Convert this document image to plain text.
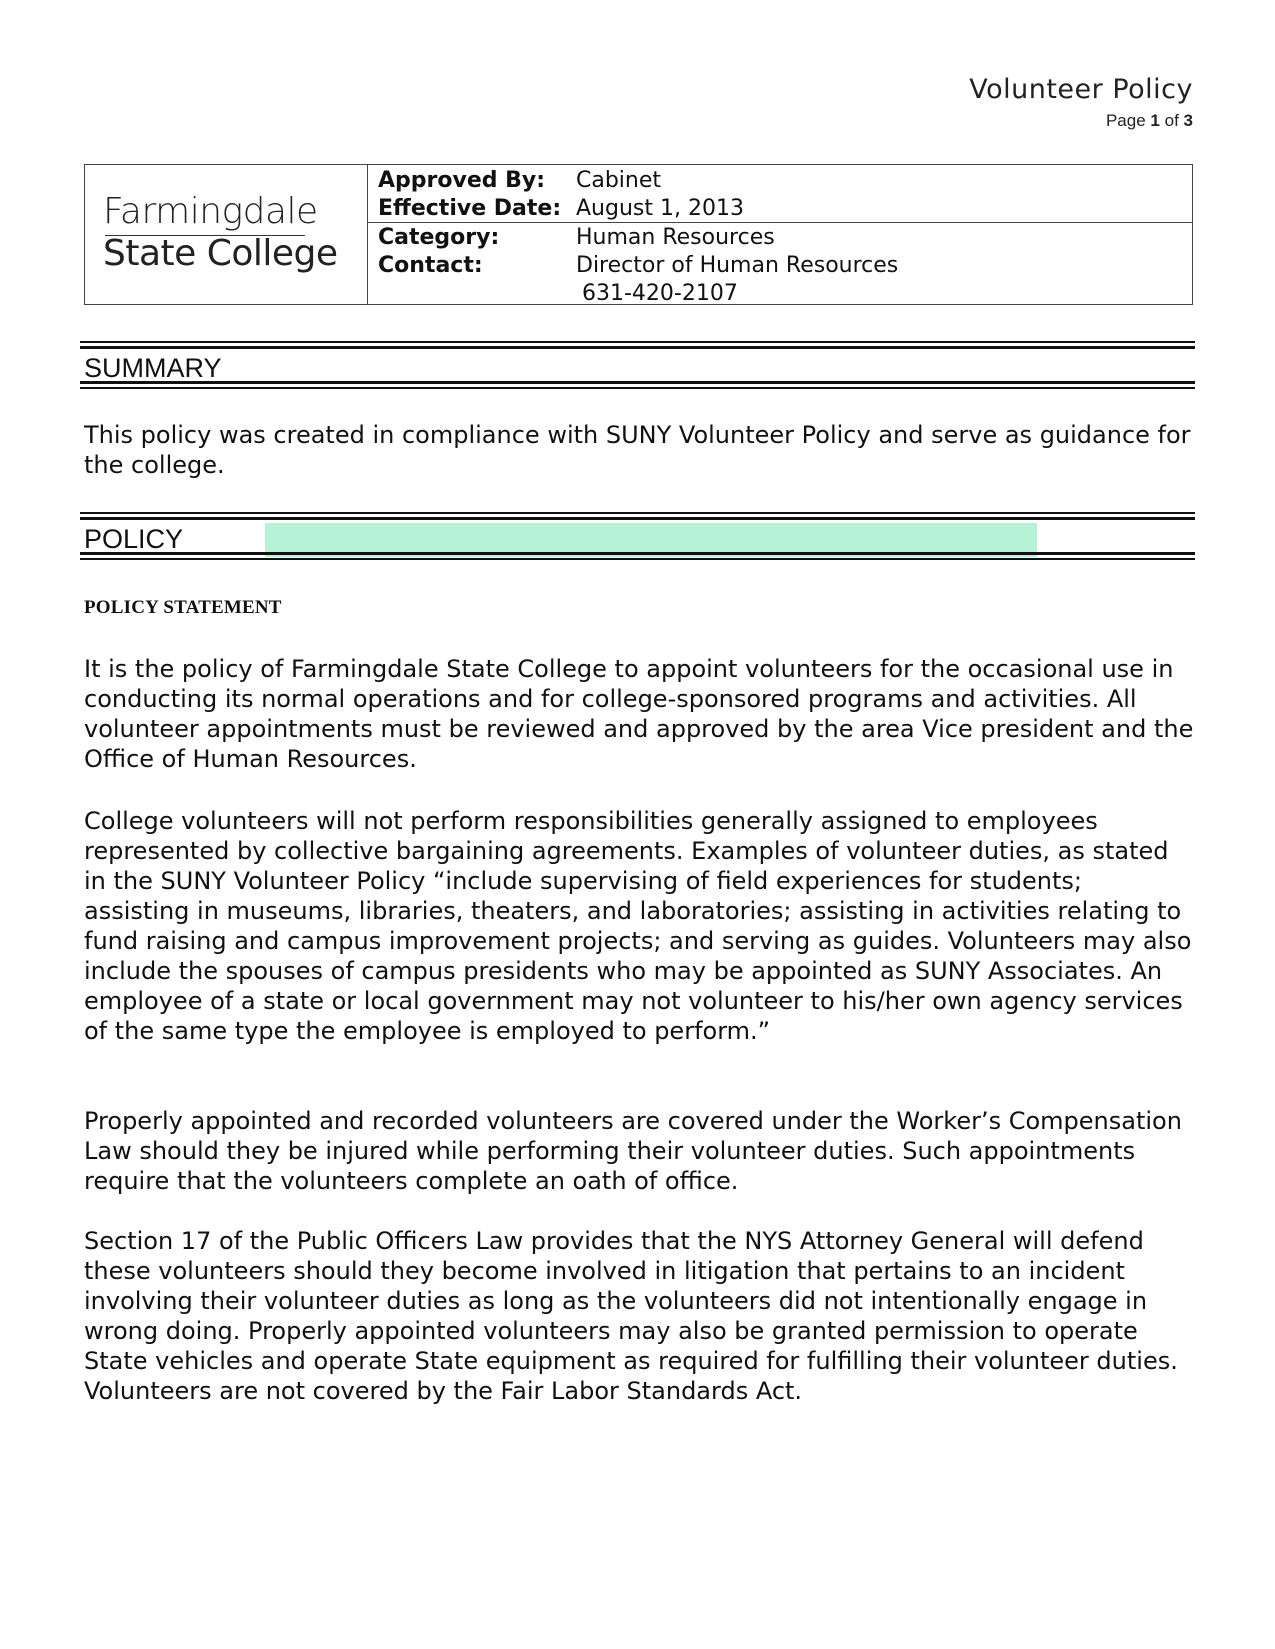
Volunteer Policy
Page 1 of 3
Farmingdale
State College
Approved By:	Cabinet
Effective Date: August 1, 2013
Category:	Human Resources
Contact:	Director of Human Resources
631-420-2107
SUMMARY

This policy was created in compliance with SUNY Volunteer Policy and serve as guidance for the college.

POLICY
POLICY STATEMENT

It is the policy of Farmingdale State College to appoint volunteers for the occasional use in conducting its normal operations and for college-sponsored programs and activities. All volunteer appointments must be reviewed and approved by the area Vice president and the Office of Human Resources.

College volunteers will not perform responsibilities generally assigned to employees represented by collective bargaining agreements. Examples of volunteer duties, as stated in the SUNY Volunteer Policy “include supervising of field experiences for students; assisting in museums, libraries, theaters, and laboratories; assisting in activities relating to fund raising and campus improvement projects; and serving as guides. Volunteers may also include the spouses of campus presidents who may be appointed as SUNY Associates. An employee of a state or local government may not volunteer to his/her own agency services of the same type the employee is employed to perform.”

Properly appointed and recorded volunteers are covered under the Worker’s Compensation Law should they be injured while performing their volunteer duties. Such appointments require that the volunteers complete an oath of office.

Section 17 of the Public Officers Law provides that the NYS Attorney General will defend these volunteers should they become involved in litigation that pertains to an incident involving their volunteer duties as long as the volunteers did not intentionally engage in wrong doing. Properly appointed volunteers may also be granted permission to operate State vehicles and operate State equipment as required for fulfilling their volunteer duties. Volunteers are not covered by the Fair Labor Standards Act.
